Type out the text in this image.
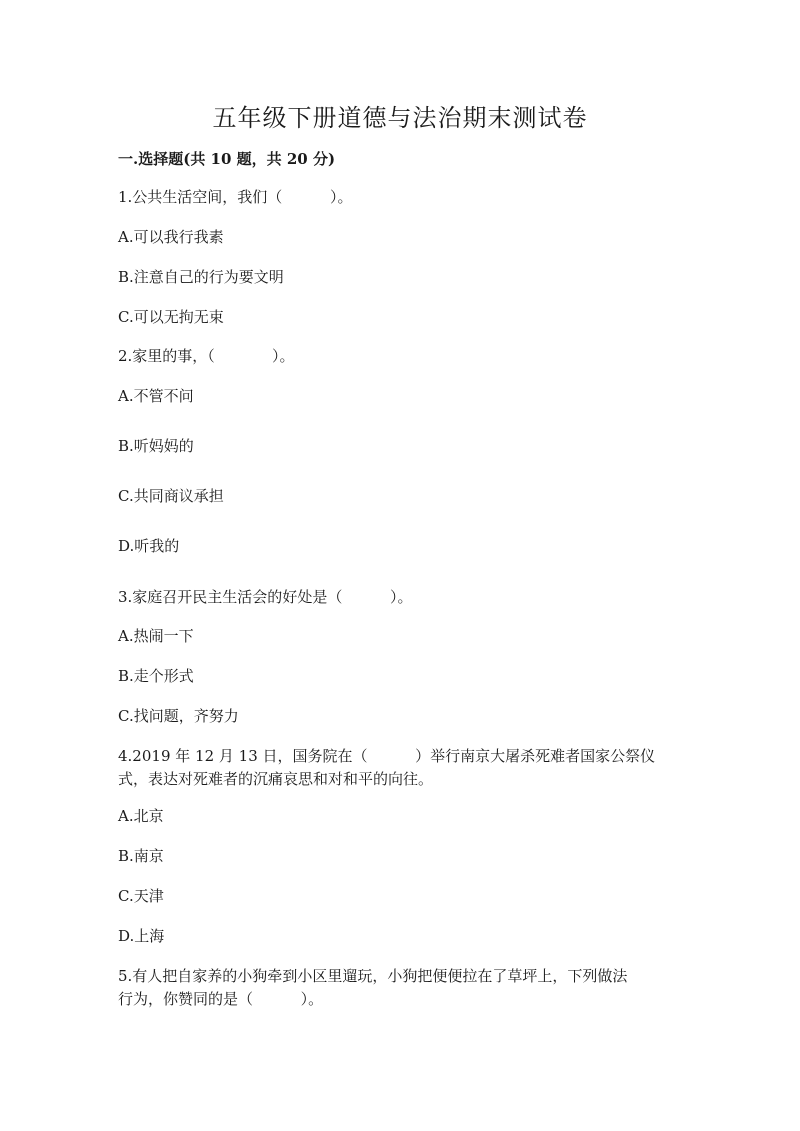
五年级下册道德与法治期末测试卷

一.选择题(共 10 题，共 20 分)

1.公共生活空间，我们（          ）。

A.可以我行我素

B.注意自己的行为要文明

C.可以无拘无束

2.家里的事，（            ）。

A.不管不问

B.听妈妈的

C.共同商议承担

D.听我的

3.家庭召开民主生活会的好处是（          ）。

A.热闹一下

B.走个形式

C.找问题，齐努力

4.2019 年 12 月 13 日，国务院在（          ）举行南京大屠杀死难者国家公祭仪

式，表达对死难者的沉痛哀思和对和平的向往。

A.北京

B.南京

C.天津

D.上海

5.有人把自家养的小狗牵到小区里遛玩，小狗把便便拉在了草坪上，下列做法

行为，你赞同的是（          ）。
